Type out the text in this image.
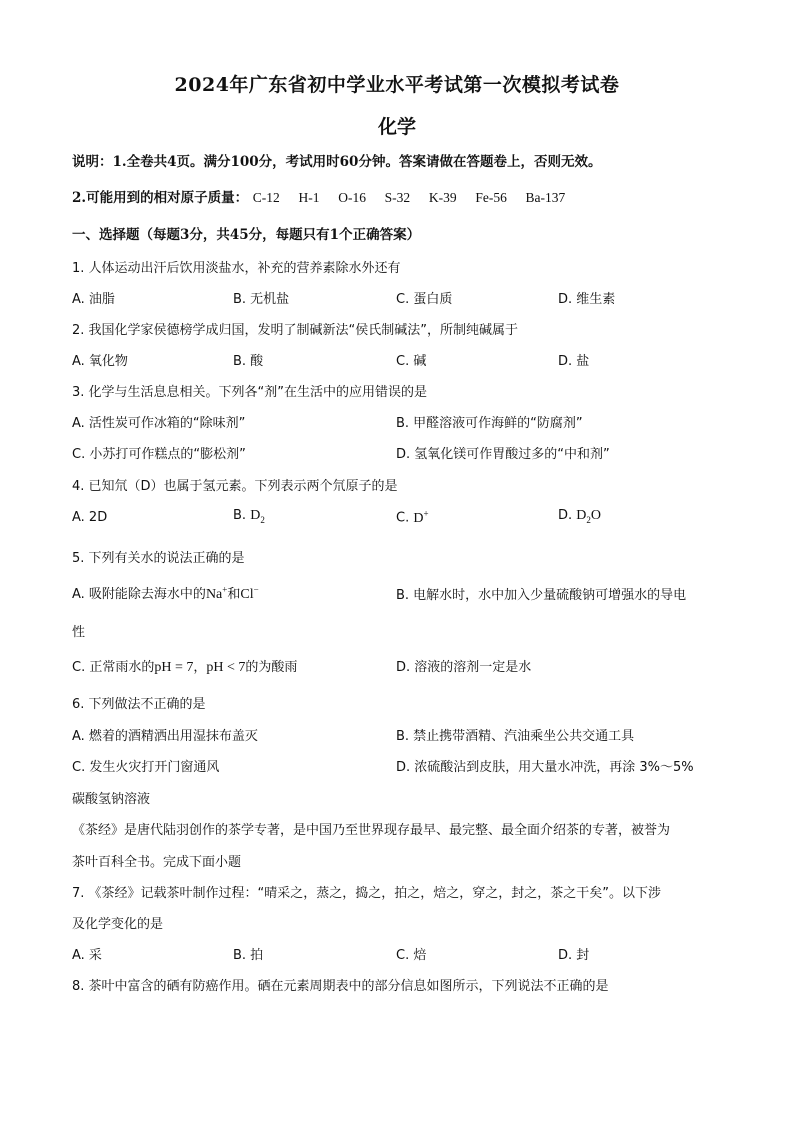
2024年广东省初中学业水平考试第一次模拟考试卷
化学
说明：1.全卷共4页。满分100分，考试用时60分钟。答案请做在答题卷上，否则无效。
2.可能用到的相对原子质量： C-12 H-1 O-16 S-32 K-39 Fe-56 Ba-137
一、选择题（每题3分，共45分，每题只有1个正确答案）
1. 人体运动出汗后饮用淡盐水，补充的营养素除水外还有
A. 油脂	B. 无机盐	C. 蛋白质	D. 维生素
2. 我国化学家侯德榜学成归国，发明了制碱新法“侯氏制碱法”，所制纯碱属于
A. 氧化物	B. 酸	C. 碱	D. 盐
3. 化学与生活息息相关。下列各“剂”在生活中的应用错误的是
A. 活性炭可作冰箱的“除味剂”	B. 甲醛溶液可作海鲜的“防腐剂”
C. 小苏打可作糕点的“膨松剂”	D. 氢氧化镁可作胃酸过多的“中和剂”
4. 已知氘（D）也属于氢元素。下列表示两个氘原子的是
A. 2D	B. $D_2$	C. D+	D. $D_2O$
5. 下列有关水的说法正确的是
A. 吸附能除去海水中的Na+和Cl−	B. 电解水时，水中加入少量硫酸钠可增强水的导电
性
C. 正常雨水的pH = 7，pH < 7的为酸雨	D. 溶液的溶剂一定是水
6. 下列做法不正确的是
A. 燃着的酒精洒出用湿抹布盖灭	B. 禁止携带酒精、汽油乘坐公共交通工具
C. 发生火灾打开门窗通风	D. 浓硫酸沾到皮肤，用大量水冲洗，再涂 3%～5%
碳酸氢钠溶液
《茶经》是唐代陆羽创作的茶学专著，是中国乃至世界现存最早、最完整、最全面介绍茶的专著，被誉为
茶叶百科全书。完成下面小题
7. 《茶经》记载茶叶制作过程：“晴采之，蒸之，捣之，拍之，焙之，穿之，封之，茶之干矣”。以下涉
及化学变化的是
A. 采	B. 拍	C. 焙	D. 封
8. 茶叶中富含的硒有防癌作用。硒在元素周期表中的部分信息如图所示，下列说法不正确的是
